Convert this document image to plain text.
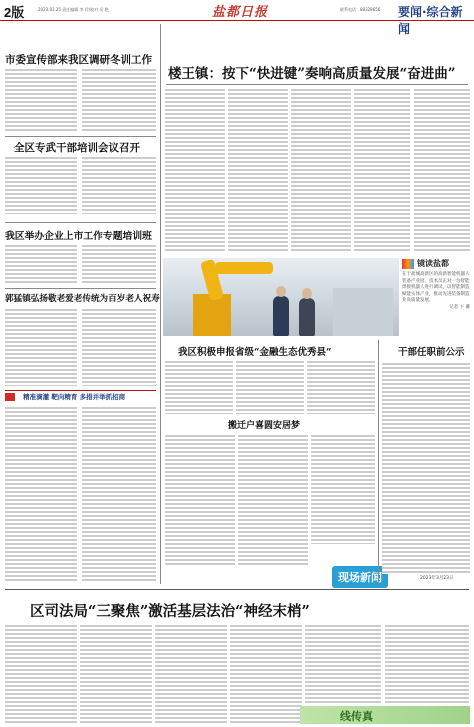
2版	2023.03.25 责任编辑 李 玲/校对 吴 艳	盐都日报	联系电话：88328656 要闻·综合新闻
市委宣传部来我区调研冬训工作
全区专武干部培训会议召开
我区举办企业上市工作专题培训班
郭猛镇弘扬敬老爱老传统为百岁老人祝寿
$^{精准滴灌 靶向精育 多措并举抓招商}$
楼王镇：按下“快进键”奏响高质量发展“奋进曲”
镜读盐都
在于盐城高新区的高新智能机器人装备产业园，技术员正对一台智能焊接机器人进行调试，以智能制造赋能实体产业，推动先进装备制造业高质量发展。
记者 卞 蕃
我区积极申报省级“金融生态优秀县”
搬迁户喜圆安居梦
现场新闻
干部任职前公示
2023年3月23日
区司法局“三聚焦”激活基层法治“神经末梢”
线传真
